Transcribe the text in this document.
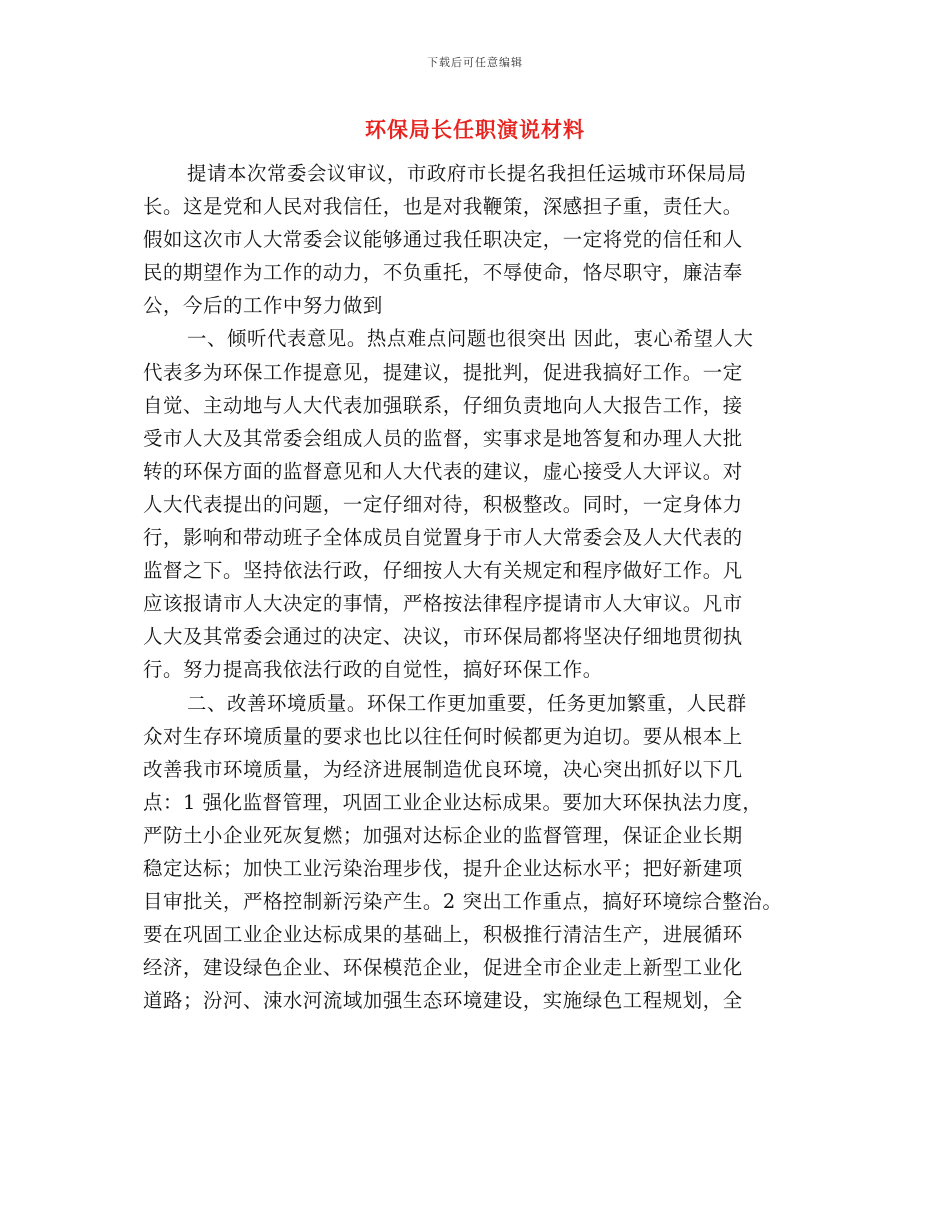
下载后可任意编辑
环保局长任职演说材料
提请本次常委会议审议，市政府市长提名我担任运城市环保局局
长。这是党和人民对我信任，也是对我鞭策，深感担子重，责任大。
假如这次市人大常委会议能够通过我任职决定，一定将党的信任和人
民的期望作为工作的动力，不负重托，不辱使命，恪尽职守，廉洁奉
公，今后的工作中努力做到
一、倾听代表意见。热点难点问题也很突出 因此，衷心希望人大
代表多为环保工作提意见，提建议，提批判，促进我搞好工作。一定
自觉、主动地与人大代表加强联系，仔细负责地向人大报告工作，接
受市人大及其常委会组成人员的监督，实事求是地答复和办理人大批
转的环保方面的监督意见和人大代表的建议，虚心接受人大评议。对
人大代表提出的问题，一定仔细对待，积极整改。同时，一定身体力
行，影响和带动班子全体成员自觉置身于市人大常委会及人大代表的
监督之下。坚持依法行政，仔细按人大有关规定和程序做好工作。凡
应该报请市人大决定的事情，严格按法律程序提请市人大审议。凡市
人大及其常委会通过的决定、决议，市环保局都将坚决仔细地贯彻执
行。努力提高我依法行政的自觉性，搞好环保工作。
二、改善环境质量。环保工作更加重要，任务更加繁重，人民群
众对生存环境质量的要求也比以往任何时候都更为迫切。要从根本上
改善我市环境质量，为经济进展制造优良环境，决心突出抓好以下几
点：1 强化监督管理，巩固工业企业达标成果。要加大环保执法力度，
严防土小企业死灰复燃；加强对达标企业的监督管理，保证企业长期
稳定达标；加快工业污染治理步伐，提升企业达标水平；把好新建项
目审批关，严格控制新污染产生。2 突出工作重点，搞好环境综合整治。
要在巩固工业企业达标成果的基础上，积极推行清洁生产，进展循环
经济，建设绿色企业、环保模范企业，促进全市企业走上新型工业化
道路；汾河、涑水河流域加强生态环境建设，实施绿色工程规划，全
